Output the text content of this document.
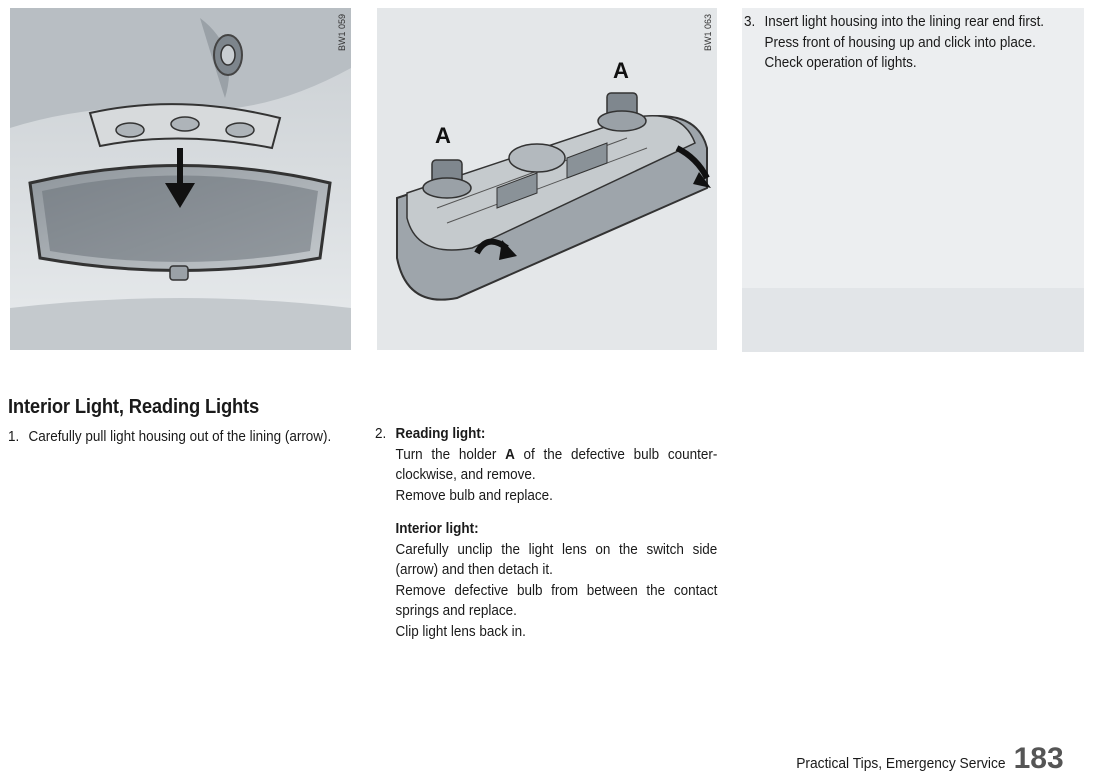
BW1 059
A
A
BW1 063
Interior Light, Reading Lights
1. Carefully pull light housing out of the lining (arrow).	2. Reading light:

Turn the holder A of the defective bulb counter-clockwise, and remove.

Remove bulb and replace.

Interior light:

Carefully unclip the light lens on the switch side (arrow) and then detach it.

Remove defective bulb from between the contact springs and replace.

Clip light lens back in.

3. Insert light housing into the lining rear end first.

Press front of housing up and click into place.

Check operation of lights.

Practical Tips, Emergency Service 183
